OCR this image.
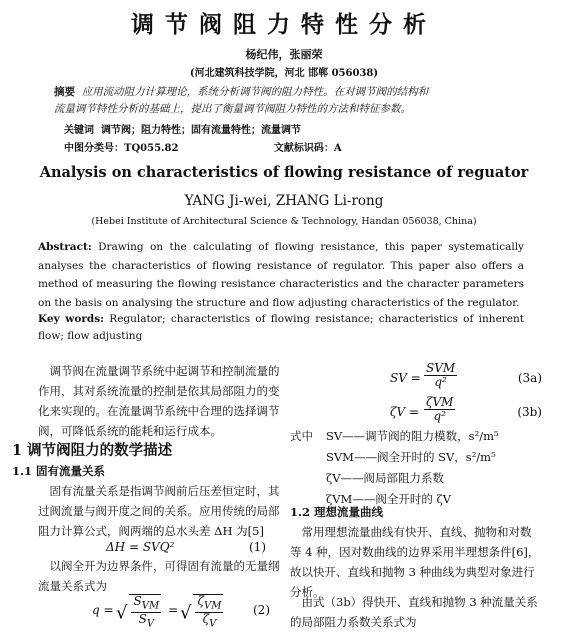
调节阀阻力特性分析
杨纪伟，张丽荣
(河北建筑科技学院，河北 邯郸 056038)
摘要 应用流动阻力计算理论，系统分析调节阀的阻力特性。在对调节阀的结构和
流量调节特性分析的基础上，提出了衡量调节阀阻力特性的方法和特征参数。
关键词 调节阀；阻力特性；固有流量特性；流量调节
中图分类号：TQ055.82	文献标识码：A
Analysis on characteristics of flowing resistance of reguator
YANG Ji-wei, ZHANG Li-rong
(Hebei Institute of Architectural Science & Technology, Handan 056038, China)
Abstract: Drawing on the calculating of flowing resistance, this paper systematically analyses the characteristics of flowing resistance of regulator. This paper also offers a method of measuring the flowing resistance characteristics and the character parameters on the basis on analysing the structure and flow adjusting characteristics of the regulator.
Key words: Regulator; characteristics of flowing resistance; characteristics of inherent flow; flow adjusting
调节阀在流量调节系统中起调节和控制流量的作用，其对系统流量的控制是依其局部阻力的变化来实现的。在流量调节系统中合理的选择调节阀，可降低系统的能耗和运行成本。
1 调节阀阻力的数学描述
1.1 固有流量关系
固有流量关系是指调节阀前后压差恒定时，其过阀流量与阀开度之间的关系。应用传统的局部阻力计算公式，阀两端的总水头差 ΔH 为[5]
ΔH = SVQ²	(1)
以阀全开为边界条件，可得固有流量的无量纲流量关系式为
q = √ $\frac{S_{VM}}{S_V}$ = √ $\frac{\zeta_{VM}}{\zeta_V} (2)$
SV =
SVM
q²	(3a)
ζV =
ζVM
q²	(3b)
式中 SV——调节阀的阻力模数，s²/m⁵
SVM——阀全开时的 SV，s²/m⁵
ζV——阀局部阻力系数
ζVM——阀全开时的 ζV
1.2 理想流量曲线
常用理想流量曲线有快开、直线、抛物和对数等 4 种，因对数曲线的边界采用半理想条件[6]，故以快开、直线和抛物 3 种曲线为典型对象进行分析。
由式（3b）得快开、直线和抛物 3 种流量关系的局部阻力系数关系式为
